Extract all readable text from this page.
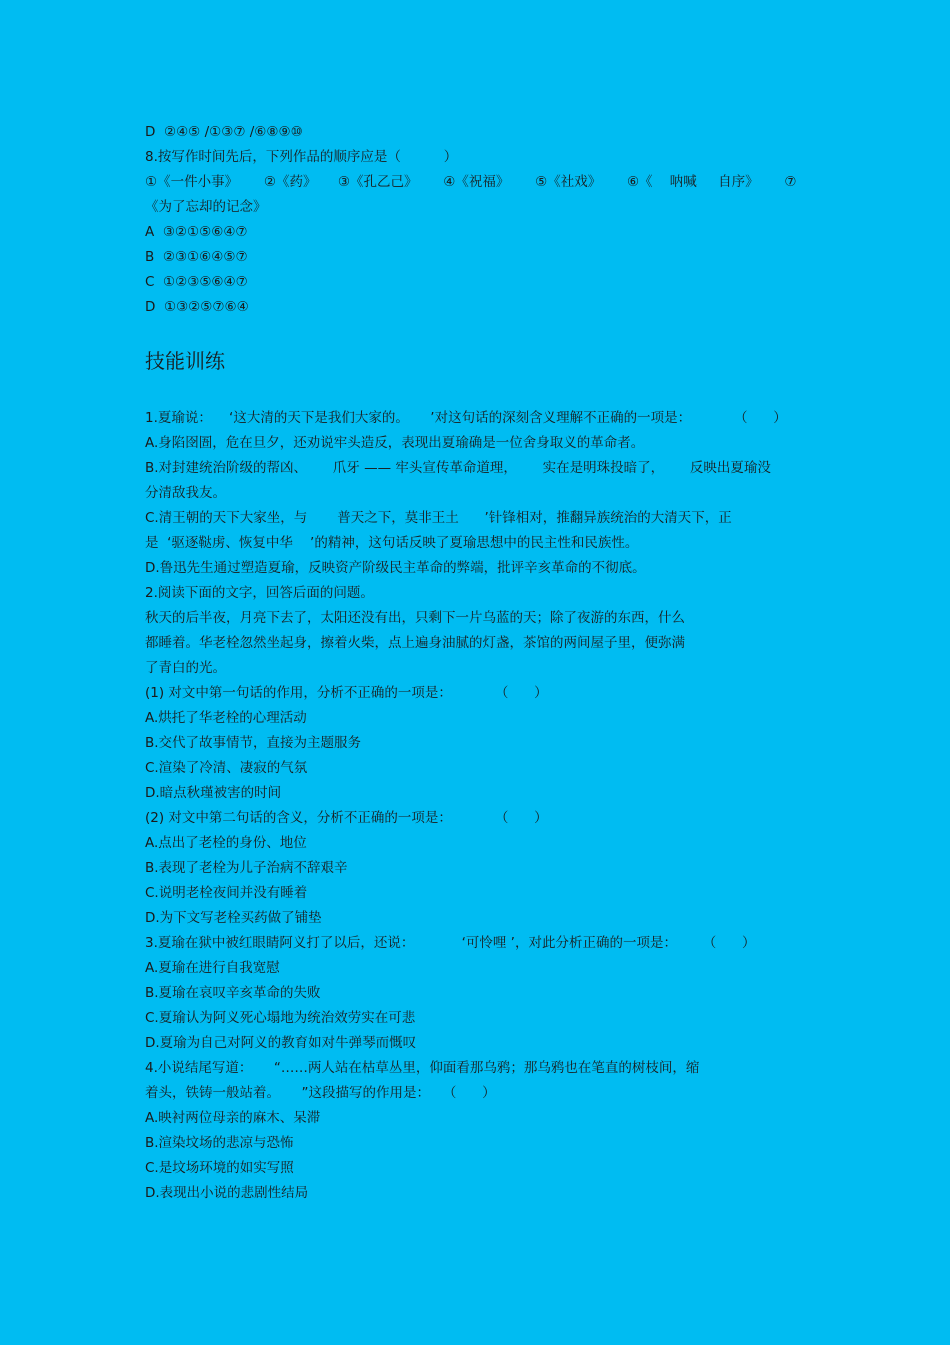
D  ②④⑤ /①③⑦ /⑥⑧⑨⑩
8.按写作时间先后，下列作品的顺序应是（          ）
①《一件小事》      ②《药》     ③《孔乙己》      ④《祝福》      ⑤《社戏》      ⑥《    呐喊     自序》      ⑦
《为了忘却的记念》
A  ③②①⑤⑥④⑦
B  ②③①⑥④⑤⑦
C  ①②③⑤⑥④⑦
D  ①③②⑤⑦⑥④
技能训练
1.夏瑜说：    ‘这大清的天下是我们大家的。     ’对这句话的深刻含义理解不正确的一项是：          （      ）
A.身陷囹圄，危在旦夕，还劝说牢头造反，表现出夏瑜确是一位舍身取义的革命者。
B.对封建统治阶级的帮凶、      爪牙 —— 牢头宣传革命道理，      实在是明珠投暗了，      反映出夏瑜没
分清敌我友。
C.清王朝的天下大家坐，与       普天之下，莫非王土      ’针锋相对，推翻异族统治的大清天下，正
是  ‘驱逐鞑虏、恢复中华    ’的精神，这句话反映了夏瑜思想中的民主性和民族性。
D.鲁迅先生通过塑造夏瑜，反映资产阶级民主革命的弊端，批评辛亥革命的不彻底。
2.阅读下面的文字，回答后面的问题。
秋天的后半夜，月亮下去了，太阳还没有出，只剩下一片乌蓝的天；除了夜游的东西，什么
都睡着。华老栓忽然坐起身，擦着火柴，点上遍身油腻的灯盏，茶馆的两间屋子里，便弥满
了青白的光。
(1) 对文中第一句话的作用，分析不正确的一项是：          （      ）
A.烘托了华老栓的心理活动
B.交代了故事情节，直接为主题服务
C.渲染了冷清、凄寂的气氛
D.暗点秋瑾被害的时间
(2) 对文中第二句话的含义，分析不正确的一项是：          （      ）
A.点出了老栓的身份、地位
B.表现了老栓为儿子治病不辞艰辛
C.说明老栓夜间并没有睡着
D.为下文写老栓买药做了铺垫
3.夏瑜在狱中被红眼睛阿义打了以后，还说：           ‘可怜哩 ’，对此分析正确的一项是：      （      ）
A.夏瑜在进行自我宽慰
B.夏瑜在哀叹辛亥革命的失败
C.夏瑜认为阿义死心塌地为统治效劳实在可悲
D.夏瑜为自己对阿义的教育如对牛弹琴而慨叹
4.小说结尾写道：     “……两人站在枯草丛里，仰面看那乌鸦；那乌鸦也在笔直的树枝间，缩
着头，铁铸一般站着。     ”这段描写的作用是：   （      ）
A.映衬两位母亲的麻木、呆滞
B.渲染坟场的悲凉与恐怖
C.是坟场环境的如实写照
D.表现出小说的悲剧性结局
